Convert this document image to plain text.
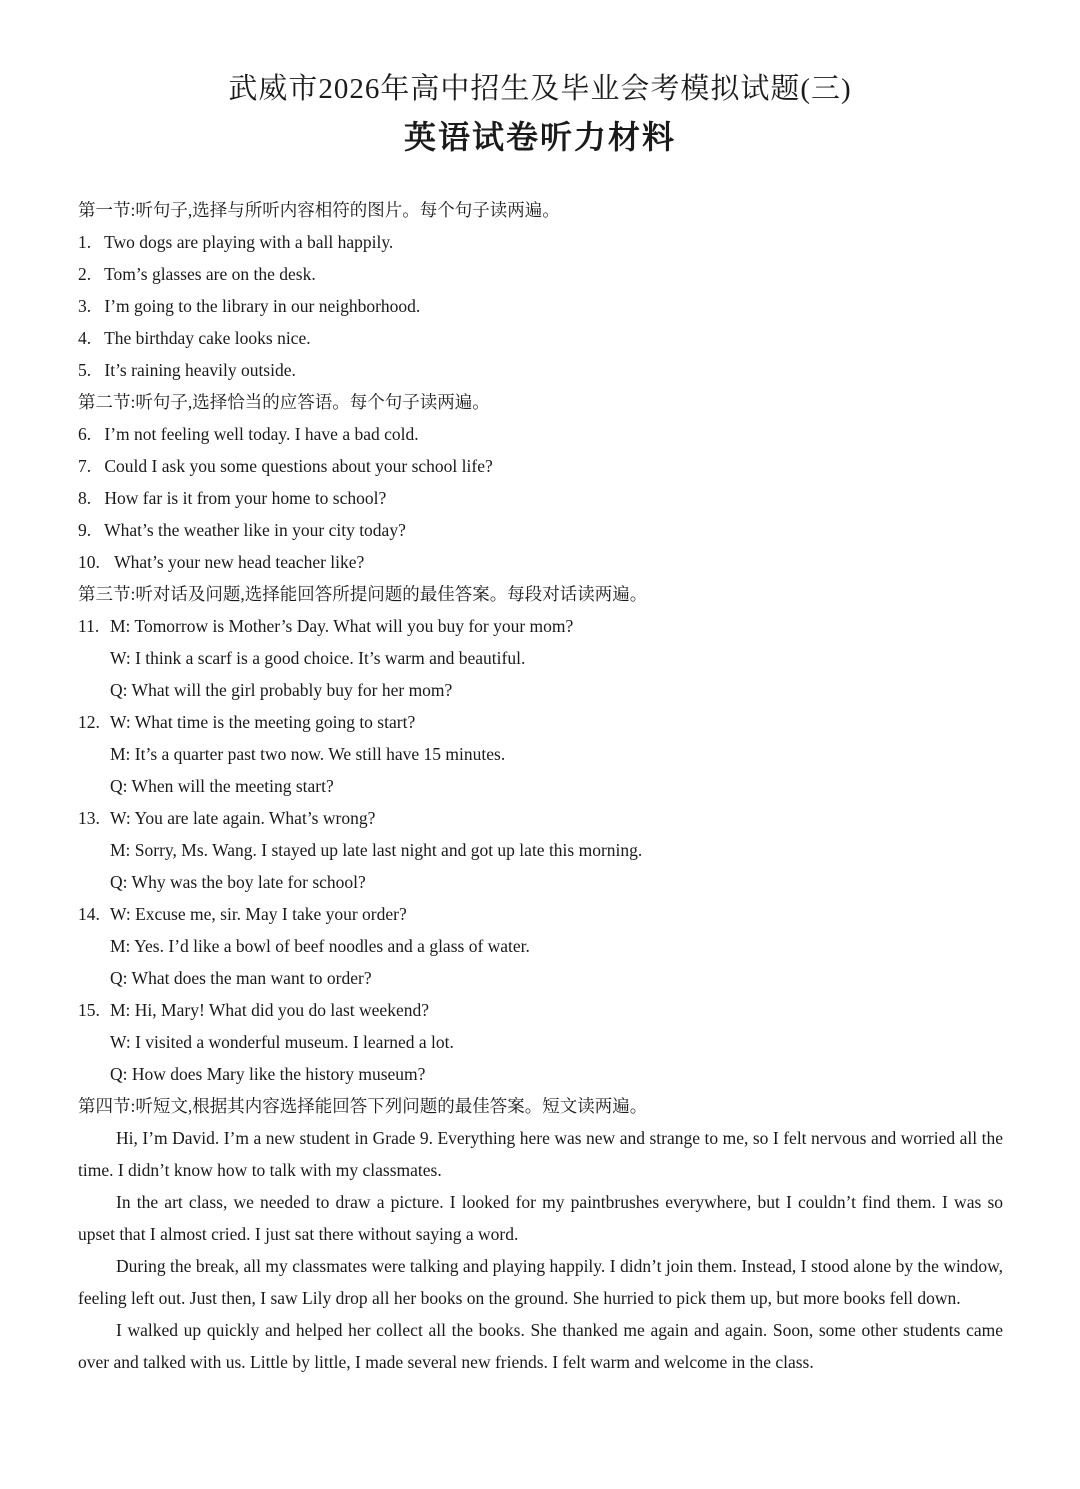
武威市2026年高中招生及毕业会考模拟试题(三)
英语试卷听力材料
第一节:听句子,选择与所听内容相符的图片。每个句子读两遍。
1. Two dogs are playing with a ball happily.
2. Tom’s glasses are on the desk.
3. I’m going to the library in our neighborhood.
4. The birthday cake looks nice.
5. It’s raining heavily outside.
第二节:听句子,选择恰当的应答语。每个句子读两遍。
6. I’m not feeling well today. I have a bad cold.
7. Could I ask you some questions about your school life?
8. How far is it from your home to school?
9. What’s the weather like in your city today?
10. What’s your new head teacher like?
第三节:听对话及问题,选择能回答所提问题的最佳答案。每段对话读两遍。
11. M: Tomorrow is Mother’s Day. What will you buy for your mom?
W: I think a scarf is a good choice. It’s warm and beautiful.
Q: What will the girl probably buy for her mom?
12. W: What time is the meeting going to start?
M: It’s a quarter past two now. We still have 15 minutes.
Q: When will the meeting start?
13. W: You are late again. What’s wrong?
M: Sorry, Ms. Wang. I stayed up late last night and got up late this morning.
Q: Why was the boy late for school?
14. W: Excuse me, sir. May I take your order?
M: Yes. I’d like a bowl of beef noodles and a glass of water.
Q: What does the man want to order?
15. M: Hi, Mary! What did you do last weekend?
W: I visited a wonderful museum. I learned a lot.
Q: How does Mary like the history museum?
第四节:听短文,根据其内容选择能回答下列问题的最佳答案。短文读两遍。
Hi, I’m David. I’m a new student in Grade 9. Everything here was new and strange to me, so I felt nervous and worried all the time. I didn’t know how to talk with my classmates.
In the art class, we needed to draw a picture. I looked for my paintbrushes everywhere, but I couldn’t find them. I was so upset that I almost cried. I just sat there without saying a word.
During the break, all my classmates were talking and playing happily. I didn’t join them. Instead, I stood alone by the window, feeling left out. Just then, I saw Lily drop all her books on the ground. She hurried to pick them up, but more books fell down.
I walked up quickly and helped her collect all the books. She thanked me again and again. Soon, some other students came over and talked with us. Little by little, I made several new friends. I felt warm and welcome in the class.
